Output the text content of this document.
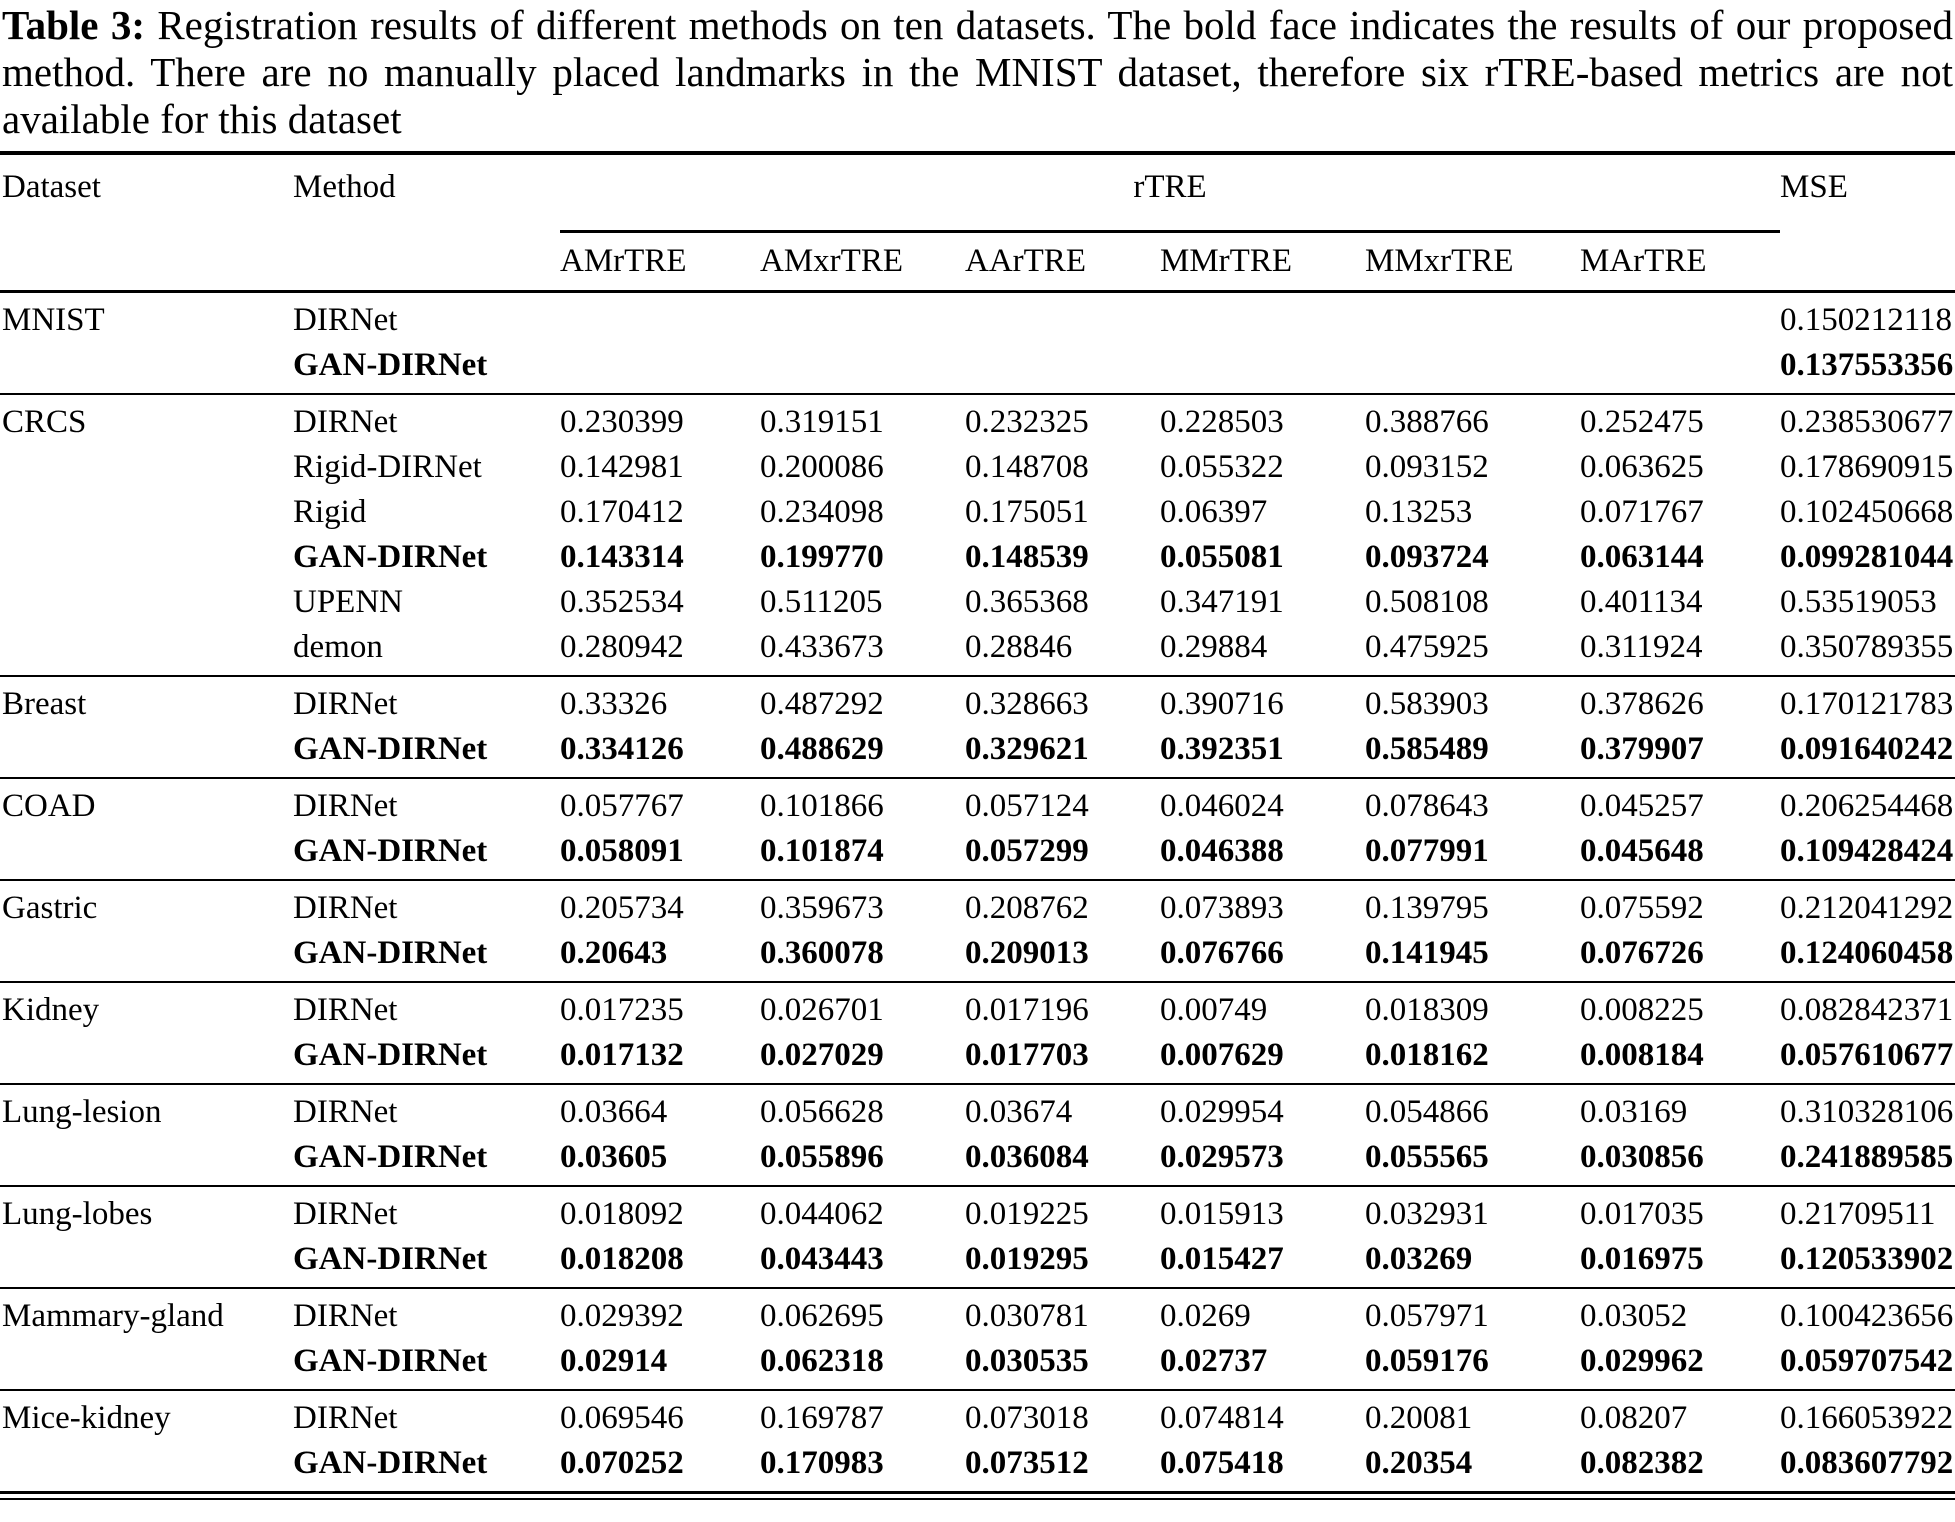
Table 3: Registration results of different methods on ten datasets. The bold face indicates the results of our proposed method. There are no manually placed landmarks in the MNIST dataset, therefore six rTRE-based metrics are not available for this dataset

Dataset	Method	rTRE						MSE
		AMrTRE	AMxrTRE	AArTRE	MMrTRE	MMxrTRE	MArTRE	
MNIST	DIRNet							0.150212118
	GAN-DIRNet							0.137553356
CRCS	DIRNet	0.230399	0.319151	0.232325	0.228503	0.388766	0.252475	0.238530677
	Rigid-DIRNet	0.142981	0.200086	0.148708	0.055322	0.093152	0.063625	0.178690915
	Rigid	0.170412	0.234098	0.175051	0.06397	0.13253	0.071767	0.102450668
	GAN-DIRNet	0.143314	0.199770	0.148539	0.055081	0.093724	0.063144	0.099281044
	UPENN	0.352534	0.511205	0.365368	0.347191	0.508108	0.401134	0.53519053
	demon	0.280942	0.433673	0.28846	0.29884	0.475925	0.311924	0.350789355
Breast	DIRNet	0.33326	0.487292	0.328663	0.390716	0.583903	0.378626	0.170121783
	GAN-DIRNet	0.334126	0.488629	0.329621	0.392351	0.585489	0.379907	0.091640242
COAD	DIRNet	0.057767	0.101866	0.057124	0.046024	0.078643	0.045257	0.206254468
	GAN-DIRNet	0.058091	0.101874	0.057299	0.046388	0.077991	0.045648	0.109428424
Gastric	DIRNet	0.205734	0.359673	0.208762	0.073893	0.139795	0.075592	0.212041292
	GAN-DIRNet	0.20643	0.360078	0.209013	0.076766	0.141945	0.076726	0.124060458
Kidney	DIRNet	0.017235	0.026701	0.017196	0.00749	0.018309	0.008225	0.082842371
	GAN-DIRNet	0.017132	0.027029	0.017703	0.007629	0.018162	0.008184	0.057610677
Lung-lesion	DIRNet	0.03664	0.056628	0.03674	0.029954	0.054866	0.03169	0.310328106
	GAN-DIRNet	0.03605	0.055896	0.036084	0.029573	0.055565	0.030856	0.241889585
Lung-lobes	DIRNet	0.018092	0.044062	0.019225	0.015913	0.032931	0.017035	0.21709511
	GAN-DIRNet	0.018208	0.043443	0.019295	0.015427	0.03269	0.016975	0.120533902
Mammary-gland	DIRNet	0.029392	0.062695	0.030781	0.0269	0.057971	0.03052	0.100423656
	GAN-DIRNet	0.02914	0.062318	0.030535	0.02737	0.059176	0.029962	0.059707542
Mice-kidney	DIRNet	0.069546	0.169787	0.073018	0.074814	0.20081	0.08207	0.166053922
	GAN-DIRNet	0.070252	0.170983	0.073512	0.075418	0.20354	0.082382	0.083607792
